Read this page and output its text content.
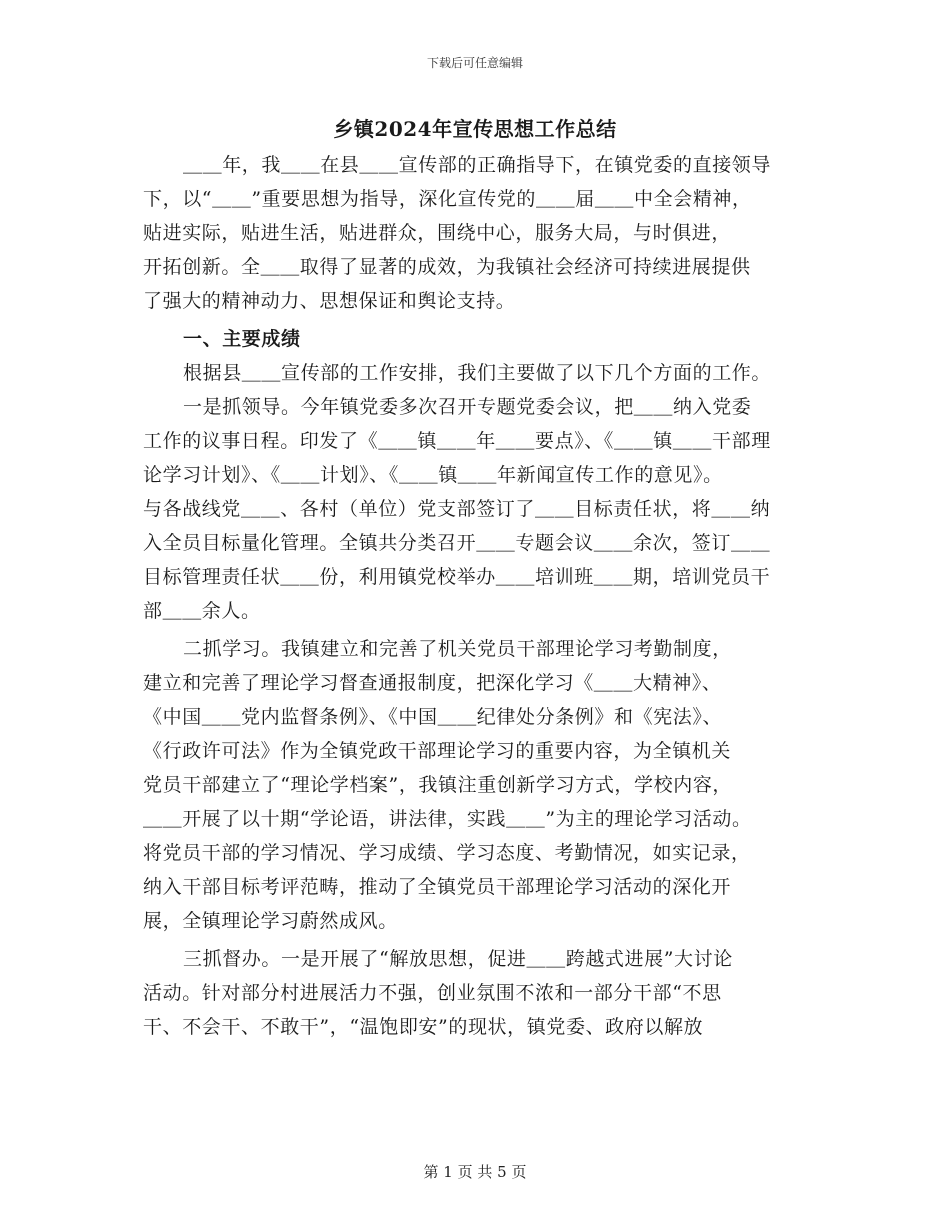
下载后可任意编辑
乡镇2024年宣传思想工作总结
＿＿年，我＿＿在县＿＿宣传部的正确指导下，在镇党委的直接领导
下，以“＿＿”重要思想为指导，深化宣传党的＿＿届＿＿中全会精神，
贴进实际，贴进生活，贴进群众，围绕中心，服务大局，与时俱进，
开拓创新。全＿＿取得了显著的成效，为我镇社会经济可持续进展提供
了强大的精神动力、思想保证和舆论支持。
一、主要成绩
根据县＿＿宣传部的工作安排，我们主要做了以下几个方面的工作。
一是抓领导。今年镇党委多次召开专题党委会议，把＿＿纳入党委
工作的议事日程。印发了《＿＿镇＿＿年＿＿要点》、《＿＿镇＿＿干部理
论学习计划》、《＿＿计划》、《＿＿镇＿＿年新闻宣传工作的意见》。
与各战线党＿＿、各村（单位）党支部签订了＿＿目标责任状，将＿＿纳
入全员目标量化管理。全镇共分类召开＿＿专题会议＿＿余次，签订＿＿
目标管理责任状＿＿份，利用镇党校举办＿＿培训班＿＿期，培训党员干
部＿＿余人。
二抓学习。我镇建立和完善了机关党员干部理论学习考勤制度，
建立和完善了理论学习督查通报制度，把深化学习《＿＿大精神》、
《中国＿＿党内监督条例》、《中国＿＿纪律处分条例》和《宪法》、
《行政许可法》作为全镇党政干部理论学习的重要内容，为全镇机关
党员干部建立了“理论学档案”，我镇注重创新学习方式，学校内容，
＿＿开展了以十期“学论语，讲法律，实践＿＿”为主的理论学习活动。
将党员干部的学习情况、学习成绩、学习态度、考勤情况，如实记录，
纳入干部目标考评范畴，推动了全镇党员干部理论学习活动的深化开
展，全镇理论学习蔚然成风。
三抓督办。一是开展了“解放思想，促进＿＿跨越式进展”大讨论
活动。针对部分村进展活力不强，创业氛围不浓和一部分干部“不思
干、不会干、不敢干”，“温饱即安”的现状，镇党委、政府以解放
第 1 页 共 5 页
